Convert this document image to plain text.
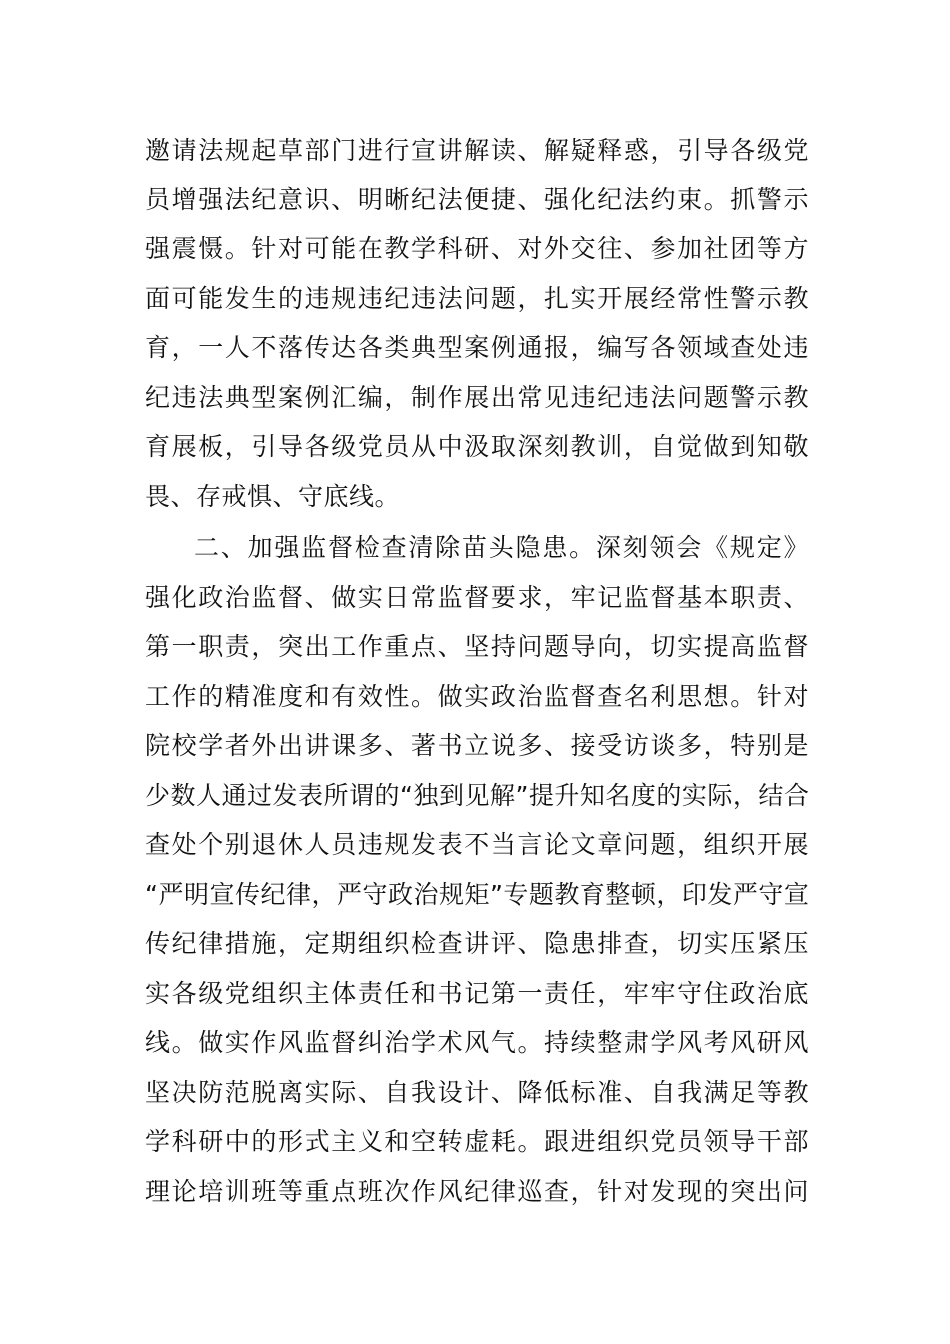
邀请法规起草部门进行宣讲解读、解疑释惑，引导各级党
员增强法纪意识、明晰纪法便捷、强化纪法约束。抓警示
强震慑。针对可能在教学科研、对外交往、参加社团等方
面可能发生的违规违纪违法问题，扎实开展经常性警示教
育，一人不落传达各类典型案例通报，编写各领域查处违
纪违法典型案例汇编，制作展出常见违纪违法问题警示教
育展板，引导各级党员从中汲取深刻教训，自觉做到知敬
畏、存戒惧、守底线。
二、加强监督检查清除苗头隐患。深刻领会《规定》
强化政治监督、做实日常监督要求，牢记监督基本职责、
第一职责，突出工作重点、坚持问题导向，切实提高监督
工作的精准度和有效性。做实政治监督查名利思想。针对
院校学者外出讲课多、著书立说多、接受访谈多，特别是
少数人通过发表所谓的“独到见解”提升知名度的实际，结合
查处个别退休人员违规发表不当言论文章问题，组织开展
“严明宣传纪律，严守政治规矩”专题教育整顿，印发严守宣
传纪律措施，定期组织检查讲评、隐患排查，切实压紧压
实各级党组织主体责任和书记第一责任，牢牢守住政治底
线。做实作风监督纠治学术风气。持续整肃学风考风研风
坚决防范脱离实际、自我设计、降低标准、自我满足等教
学科研中的形式主义和空转虚耗。跟进组织党员领导干部
理论培训班等重点班次作风纪律巡查，针对发现的突出问
